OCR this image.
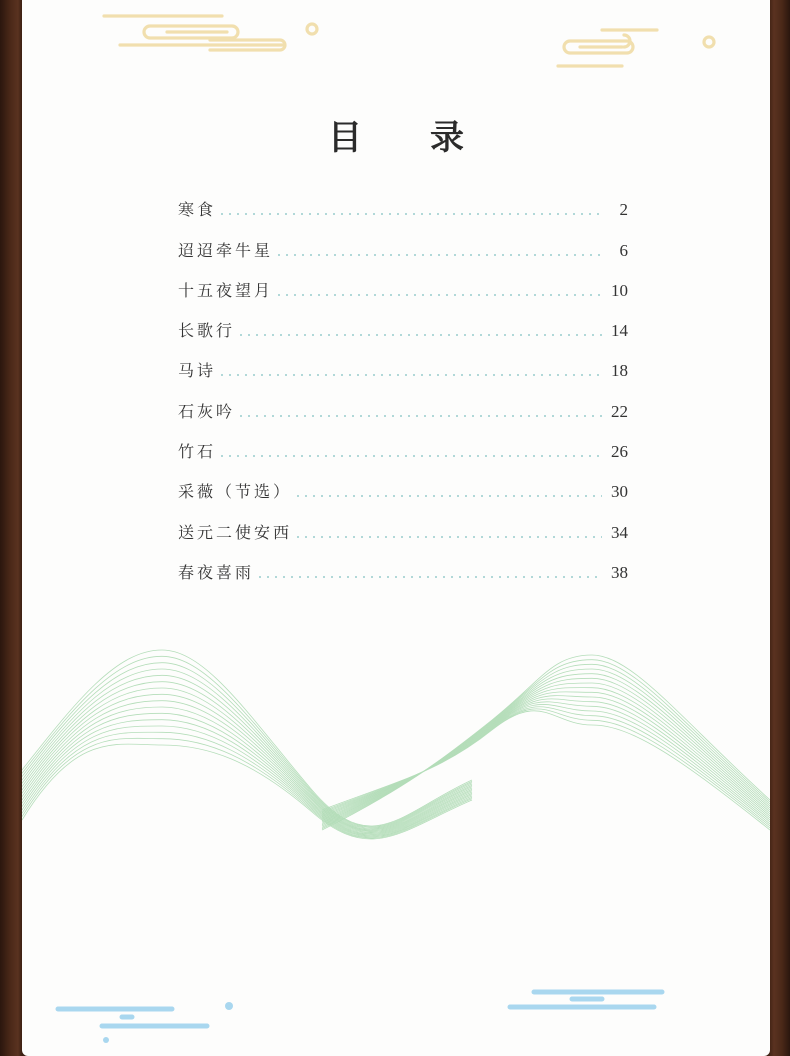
目 录
寒食	2
迢迢牵牛星	6
十五夜望月	10
长歌行	14
马诗	18
石灰吟	22
竹石	26
采薇（节选）	30
送元二使安西	34
春夜喜雨	38
